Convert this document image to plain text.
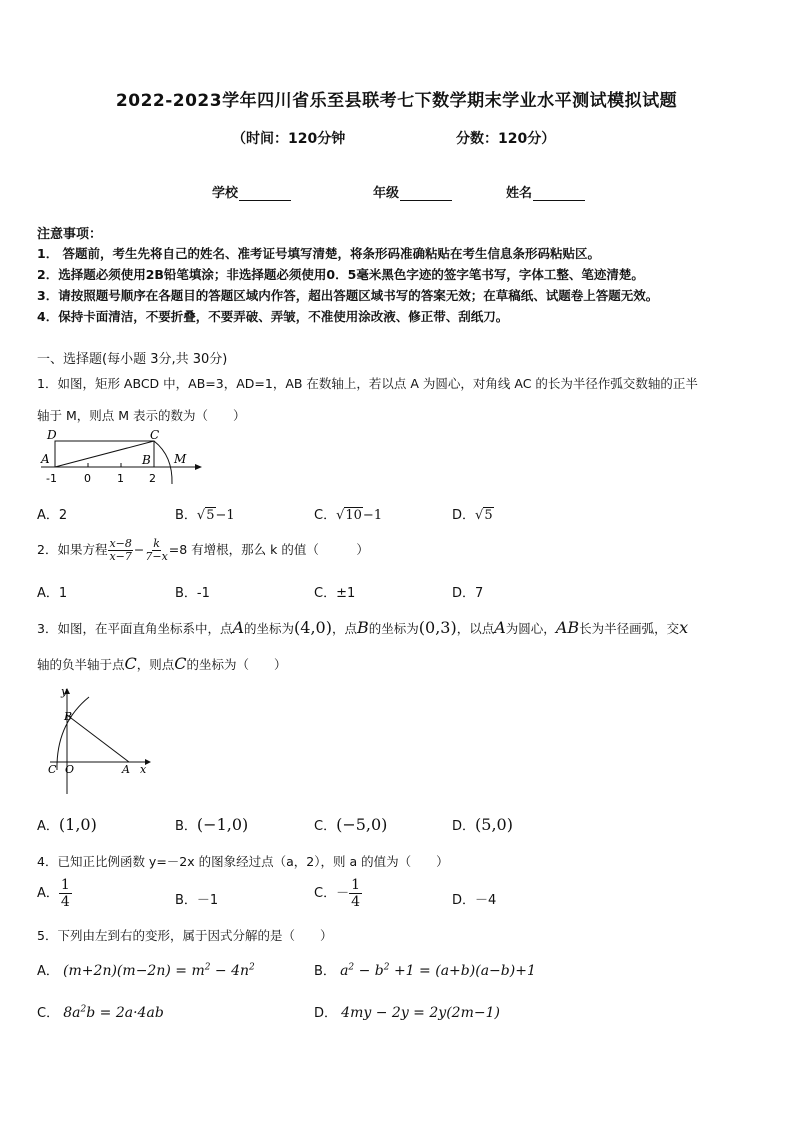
2022-2023学年四川省乐至县联考七下数学期末学业水平测试模拟试题
（时间：120分钟	分数：120分）
学校	年级	姓名
注意事项：
1． 答题前，考生先将自己的姓名、准考证号填写清楚，将条形码准确粘贴在考生信息条形码粘贴区。
2．选择题必须使用2B铅笔填涂；非选择题必须使用0．5毫米黑色字迹的签字笔书写，字体工整、笔迹清楚。
3．请按照题号顺序在各题目的答题区域内作答，超出答题区域书写的答案无效；在草稿纸、试题卷上答题无效。
4．保持卡面清洁，不要折叠，不要弄破、弄皱，不准使用涂改液、修正带、刮纸刀。
一、选择题(每小题 3分,共 30分)
1．如图，矩形 ABCD 中，AB=3，AD=1，AB 在数轴上，若以点 A 为圆心，对角线 AC 的长为半径作弧交数轴的正半
轴于 M，则点 M 表示的数为（　　）
D	C
A	B M
-1 0 1 2
A．2	B．√5−1	C．√10−1	D．√5
2．如果方程 $\frac{x-8}{x-7} - \frac{k}{7-x} =8$ 有增根，那么 k 的值（　　　）
A．1	B．-1	C．±1	D．7
3．如图，在平面直角坐标系中，点A的坐标为(4,0)，点B的坐标为(0,3)，以点A为圆心，AB长为半径画弧，交x
轴的负半轴于点C，则点C的坐标为（　　）
y
x
B
C O	A
A．(1,0)	B．(−1,0)	C．(−5,0)	D．(5,0)
4．已知正比例函数 y=－2x 的图象经过点（a，2），则 a 的值为（　　）
A． $\frac{1}{4}$	B．－1	C．－ $\frac{1}{4}$	D．－4
5．下列由左到右的变形，属于因式分解的是（　　）
A． $(m+2n)(m-2n) = m^2 - 4n^2$	B． $a^2 - b^2 +1 = (a+b)(a-b)+1$
C． $8a^2b = 2a\cdot 4ab$	D． 4my − 2y = 2y(2m−1)
